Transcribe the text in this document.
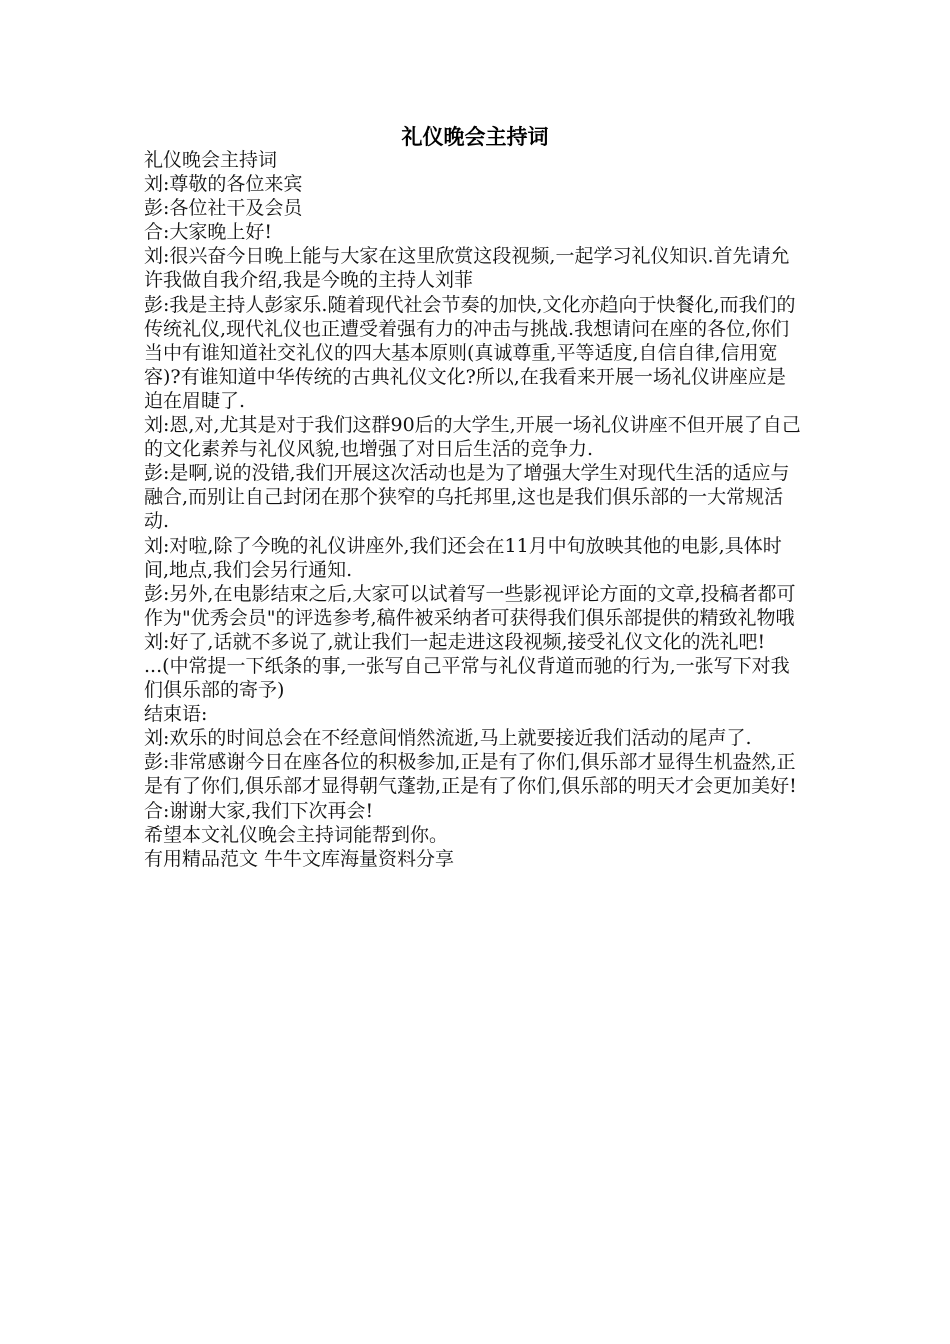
礼仪晚会主持词

礼仪晚会主持词

刘:尊敬的各位来宾

彭:各位社干及会员

合:大家晚上好!

刘:很兴奋今日晚上能与大家在这里欣赏这段视频,一起学习礼仪知识.首先请允许我做自我介绍,我是今晚的主持人刘菲

彭:我是主持人彭家乐.随着现代社会节奏的加快,文化亦趋向于快餐化,而我们的传统礼仪,现代礼仪也正遭受着强有力的冲击与挑战.我想请问在座的各位,你们当中有谁知道社交礼仪的四大基本原则(真诚尊重,平等适度,自信自律,信用宽容)?有谁知道中华传统的古典礼仪文化?所以,在我看来开展一场礼仪讲座应是迫在眉睫了.

刘:恩,对,尤其是对于我们这群90后的大学生,开展一场礼仪讲座不但开展了自己的文化素养与礼仪风貌,也增强了对日后生活的竞争力.

彭:是啊,说的没错,我们开展这次活动也是为了增强大学生对现代生活的适应与融合,而别让自己封闭在那个狭窄的乌托邦里,这也是我们俱乐部的一大常规活动.

刘:对啦,除了今晚的礼仪讲座外,我们还会在11月中旬放映其他的电影,具体时间,地点,我们会另行通知.

彭:另外,在电影结束之后,大家可以试着写一些影视评论方面的文章,投稿者都可作为"优秀会员"的评选参考,稿件被采纳者可获得我们俱乐部提供的精致礼物哦

刘:好了,话就不多说了,就让我们一起走进这段视频,接受礼仪文化的洗礼吧!

...(中常提一下纸条的事,一张写自己平常与礼仪背道而驰的行为,一张写下对我们俱乐部的寄予)

结束语:

刘:欢乐的时间总会在不经意间悄然流逝,马上就要接近我们活动的尾声了.

彭:非常感谢今日在座各位的积极参加,正是有了你们,俱乐部才显得生机盎然,正是有了你们,俱乐部才显得朝气蓬勃,正是有了你们,俱乐部的明天才会更加美好!

合:谢谢大家,我们下次再会!

希望本文礼仪晚会主持词能帮到你。

有用精品范文 牛牛文库海量资料分享
